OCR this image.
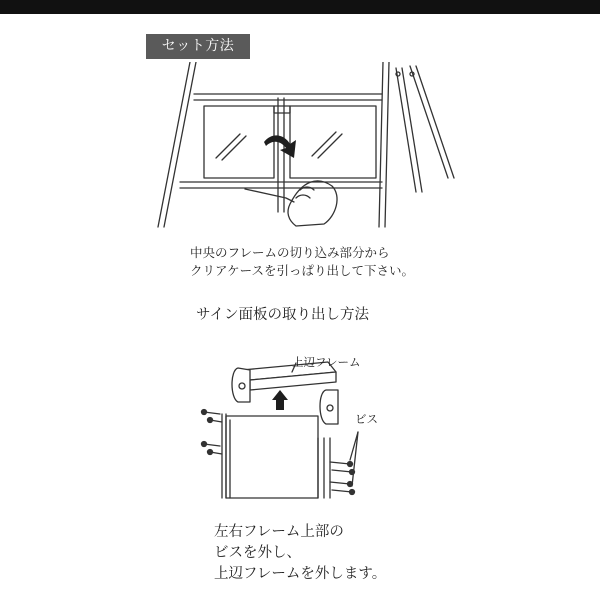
セット方法

中央のフレームの切り込み部分から

クリアケースを引っぱり出して下さい。

サイン面板の取り出し方法
上辺フレーム
ビス

左右フレーム上部の

ビスを外し、

上辺フレームを外します。
